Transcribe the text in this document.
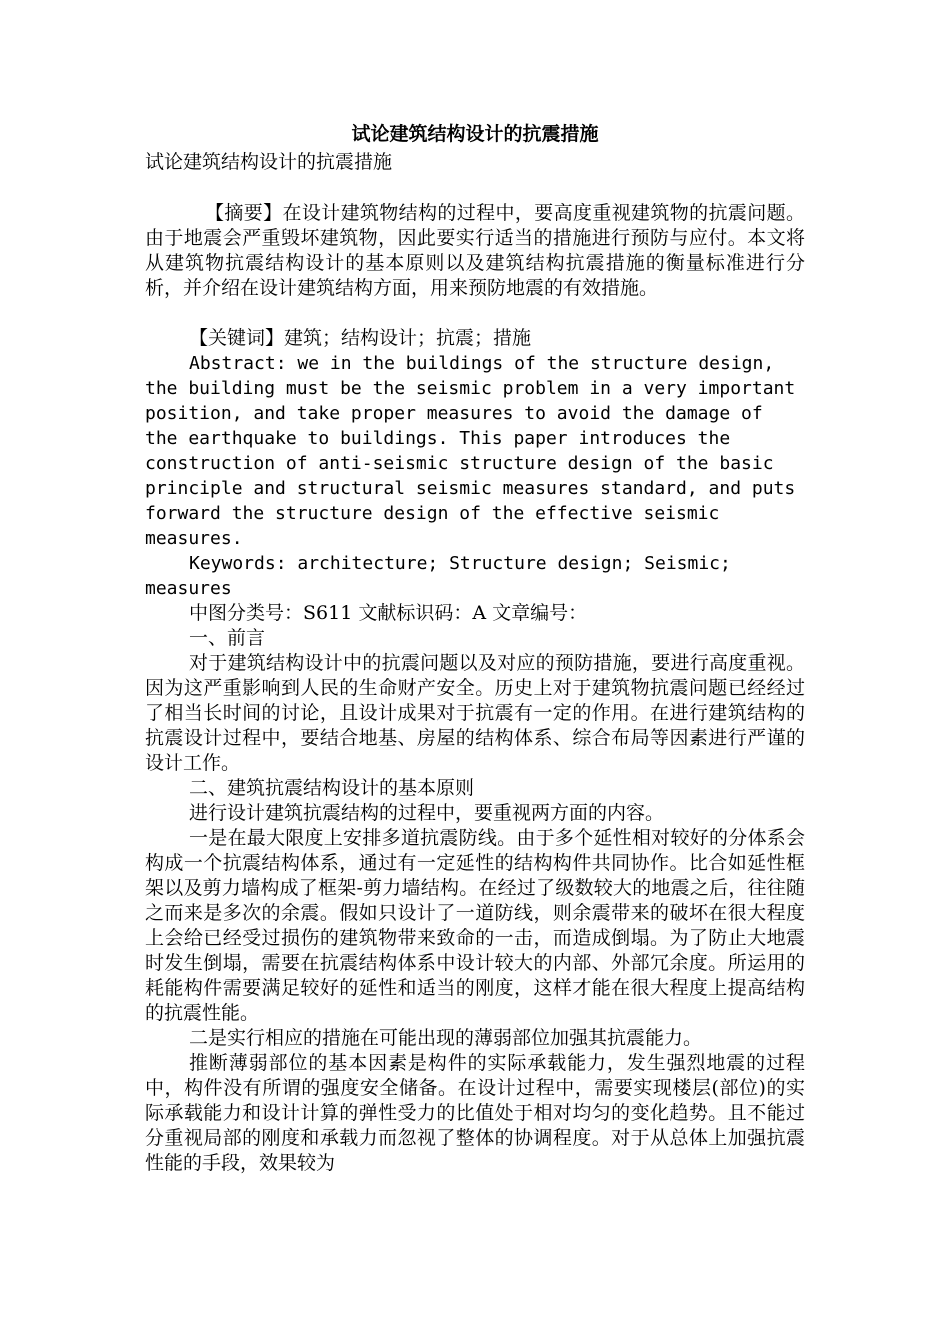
试论建筑结构设计的抗震措施
试论建筑结构设计的抗震措施

【摘要】在设计建筑物结构的过程中，要高度重视建筑物的抗震问题。由于地震会严重毁坏建筑物，因此要实行适当的措施进行预防与应付。本文将从建筑物抗震结构设计的基本原则以及建筑结构抗震措施的衡量标准进行分析，并介绍在设计建筑结构方面，用来预防地震的有效措施。

【关键词】建筑；结构设计；抗震；措施

Abstract: we in the buildings of the structure design, the building must be the seismic problem in a very important position, and take proper measures to avoid the damage of the earthquake to buildings. This paper introduces the construction of anti-seismic structure design of the basic principle and structural seismic measures standard, and puts forward the structure design of the effective seismic measures.

Keywords: architecture; Structure design; Seismic; measures

中图分类号：S611 文献标识码：A 文章编号：

一、前言

对于建筑结构设计中的抗震问题以及对应的预防措施，要进行高度重视。因为这严重影响到人民的生命财产安全。历史上对于建筑物抗震问题已经经过了相当长时间的讨论，且设计成果对于抗震有一定的作用。在进行建筑结构的抗震设计过程中，要结合地基、房屋的结构体系、综合布局等因素进行严谨的设计工作。

二、建筑抗震结构设计的基本原则

进行设计建筑抗震结构的过程中，要重视两方面的内容。

一是在最大限度上安排多道抗震防线。由于多个延性相对较好的分体系会构成一个抗震结构体系，通过有一定延性的结构构件共同协作。比合如延性框架以及剪力墙构成了框架-剪力墙结构。在经过了级数较大的地震之后，往往随之而来是多次的余震。假如只设计了一道防线，则余震带来的破坏在很大程度上会给已经受过损伤的建筑物带来致命的一击，而造成倒塌。为了防止大地震时发生倒塌，需要在抗震结构体系中设计较大的内部、外部冗余度。所运用的耗能构件需要满足较好的延性和适当的刚度，这样才能在很大程度上提高结构的抗震性能。

二是实行相应的措施在可能出现的薄弱部位加强其抗震能力。

推断薄弱部位的基本因素是构件的实际承载能力，发生强烈地震的过程中，构件没有所谓的强度安全储备。在设计过程中，需要实现楼层(部位)的实际承载能力和设计计算的弹性受力的比值处于相对均匀的变化趋势。且不能过分重视局部的刚度和承载力而忽视了整体的协调程度。对于从总体上加强抗震性能的手段，效果较为
